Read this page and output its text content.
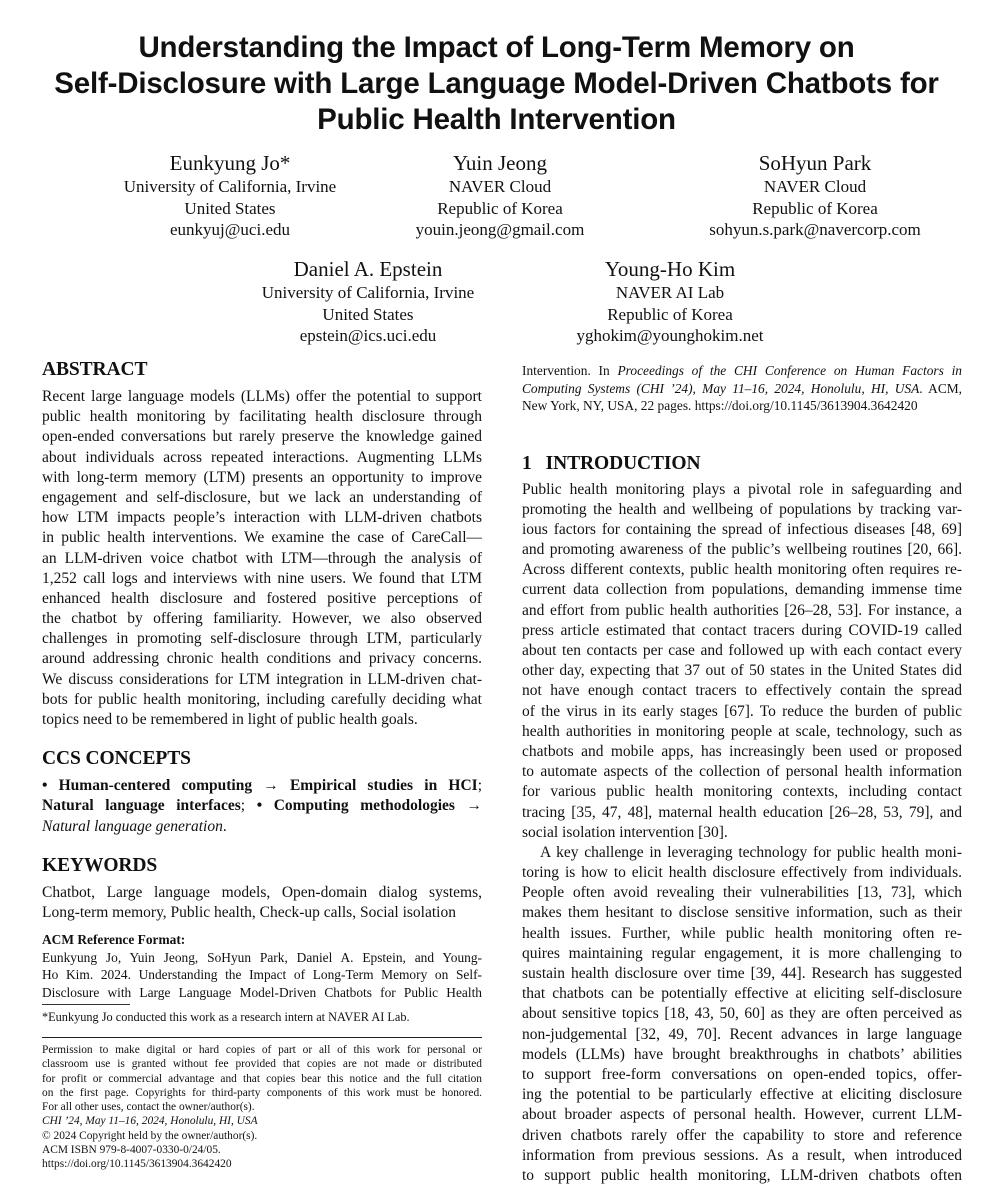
Understanding the Impact of Long-Term Memory on
Self-Disclosure with Large Language Model-Driven Chatbots for
Public Health Intervention
Eunkyung Jo*
University of California, Irvine
United States
eunkyuj@uci.edu
Yuin Jeong
NAVER Cloud
Republic of Korea
youin.jeong@gmail.com
SoHyun Park
NAVER Cloud
Republic of Korea
sohyun.s.park@navercorp.com
Daniel A. Epstein
University of California, Irvine
United States
epstein@ics.uci.edu
Young-Ho Kim
NAVER AI Lab
Republic of Korea
yghokim@younghokim.net
ABSTRACT
Recent large language models (LLMs) offer the potential to support
public health monitoring by facilitating health disclosure through
open-ended conversations but rarely preserve the knowledge gained
about individuals across repeated interactions. Augmenting LLMs
with long-term memory (LTM) presents an opportunity to improve
engagement and self-disclosure, but we lack an understanding of
how LTM impacts people’s interaction with LLM-driven chatbots
in public health interventions. We examine the case of CareCall—
an LLM-driven voice chatbot with LTM—through the analysis of
1,252 call logs and interviews with nine users. We found that LTM
enhanced health disclosure and fostered positive perceptions of
the chatbot by offering familiarity. However, we also observed
challenges in promoting self-disclosure through LTM, particularly
around addressing chronic health conditions and privacy concerns.
We discuss considerations for LTM integration in LLM-driven chat-
bots for public health monitoring, including carefully deciding what
topics need to be remembered in light of public health goals.
CCS CONCEPTS
• Human-centered computing → Empirical studies in HCI;
Natural language interfaces; • Computing methodologies →
Natural language generation.
KEYWORDS
Chatbot, Large language models, Open-domain dialog systems,
Long-term memory, Public health, Check-up calls, Social isolation
ACM Reference Format:
Eunkyung Jo, Yuin Jeong, SoHyun Park, Daniel A. Epstein, and Young-
Ho Kim. 2024. Understanding the Impact of Long-Term Memory on Self-
Disclosure with Large Language Model-Driven Chatbots for Public Health
*Eunkyung Jo conducted this work as a research intern at NAVER AI Lab.
Permission to make digital or hard copies of part or all of this work for personal or
classroom use is granted without fee provided that copies are not made or distributed
for profit or commercial advantage and that copies bear this notice and the full citation
on the first page. Copyrights for third-party components of this work must be honored.
For all other uses, contact the owner/author(s).
CHI ’24, May 11–16, 2024, Honolulu, HI, USA
© 2024 Copyright held by the owner/author(s).
ACM ISBN 979-8-4007-0330-0/24/05.
https://doi.org/10.1145/3613904.3642420
Intervention. In Proceedings of the CHI Conference on Human Factors in
Computing Systems (CHI ’24), May 11–16, 2024, Honolulu, HI, USA. ACM,
New York, NY, USA, 22 pages. https://doi.org/10.1145/3613904.3642420
1 INTRODUCTION
Public health monitoring plays a pivotal role in safeguarding and
promoting the health and wellbeing of populations by tracking var-
ious factors for containing the spread of infectious diseases [48, 69]
and promoting awareness of the public’s wellbeing routines [20, 66].
Across different contexts, public health monitoring often requires re-
current data collection from populations, demanding immense time
and effort from public health authorities [26–28, 53]. For instance, a
press article estimated that contact tracers during COVID-19 called
about ten contacts per case and followed up with each contact every
other day, expecting that 37 out of 50 states in the United States did
not have enough contact tracers to effectively contain the spread
of the virus in its early stages [67]. To reduce the burden of public
health authorities in monitoring people at scale, technology, such as
chatbots and mobile apps, has increasingly been used or proposed
to automate aspects of the collection of personal health information
for various public health monitoring contexts, including contact
tracing [35, 47, 48], maternal health education [26–28, 53, 79], and
social isolation intervention [30].
A key challenge in leveraging technology for public health moni-
toring is how to elicit health disclosure effectively from individuals.
People often avoid revealing their vulnerabilities [13, 73], which
makes them hesitant to disclose sensitive information, such as their
health issues. Further, while public health monitoring often re-
quires maintaining regular engagement, it is more challenging to
sustain health disclosure over time [39, 44]. Research has suggested
that chatbots can be potentially effective at eliciting self-disclosure
about sensitive topics [18, 43, 50, 60] as they are often perceived as
non-judgemental [32, 49, 70]. Recent advances in large language
models (LLMs) have brought breakthroughs in chatbots’ abilities
to support free-form conversations on open-ended topics, offer-
ing the potential to be particularly effective at eliciting disclosure
about broader aspects of personal health. However, current LLM-
driven chatbots rarely offer the capability to store and reference
information from previous sessions. As a result, when introduced
to support public health monitoring, LLM-driven chatbots often
